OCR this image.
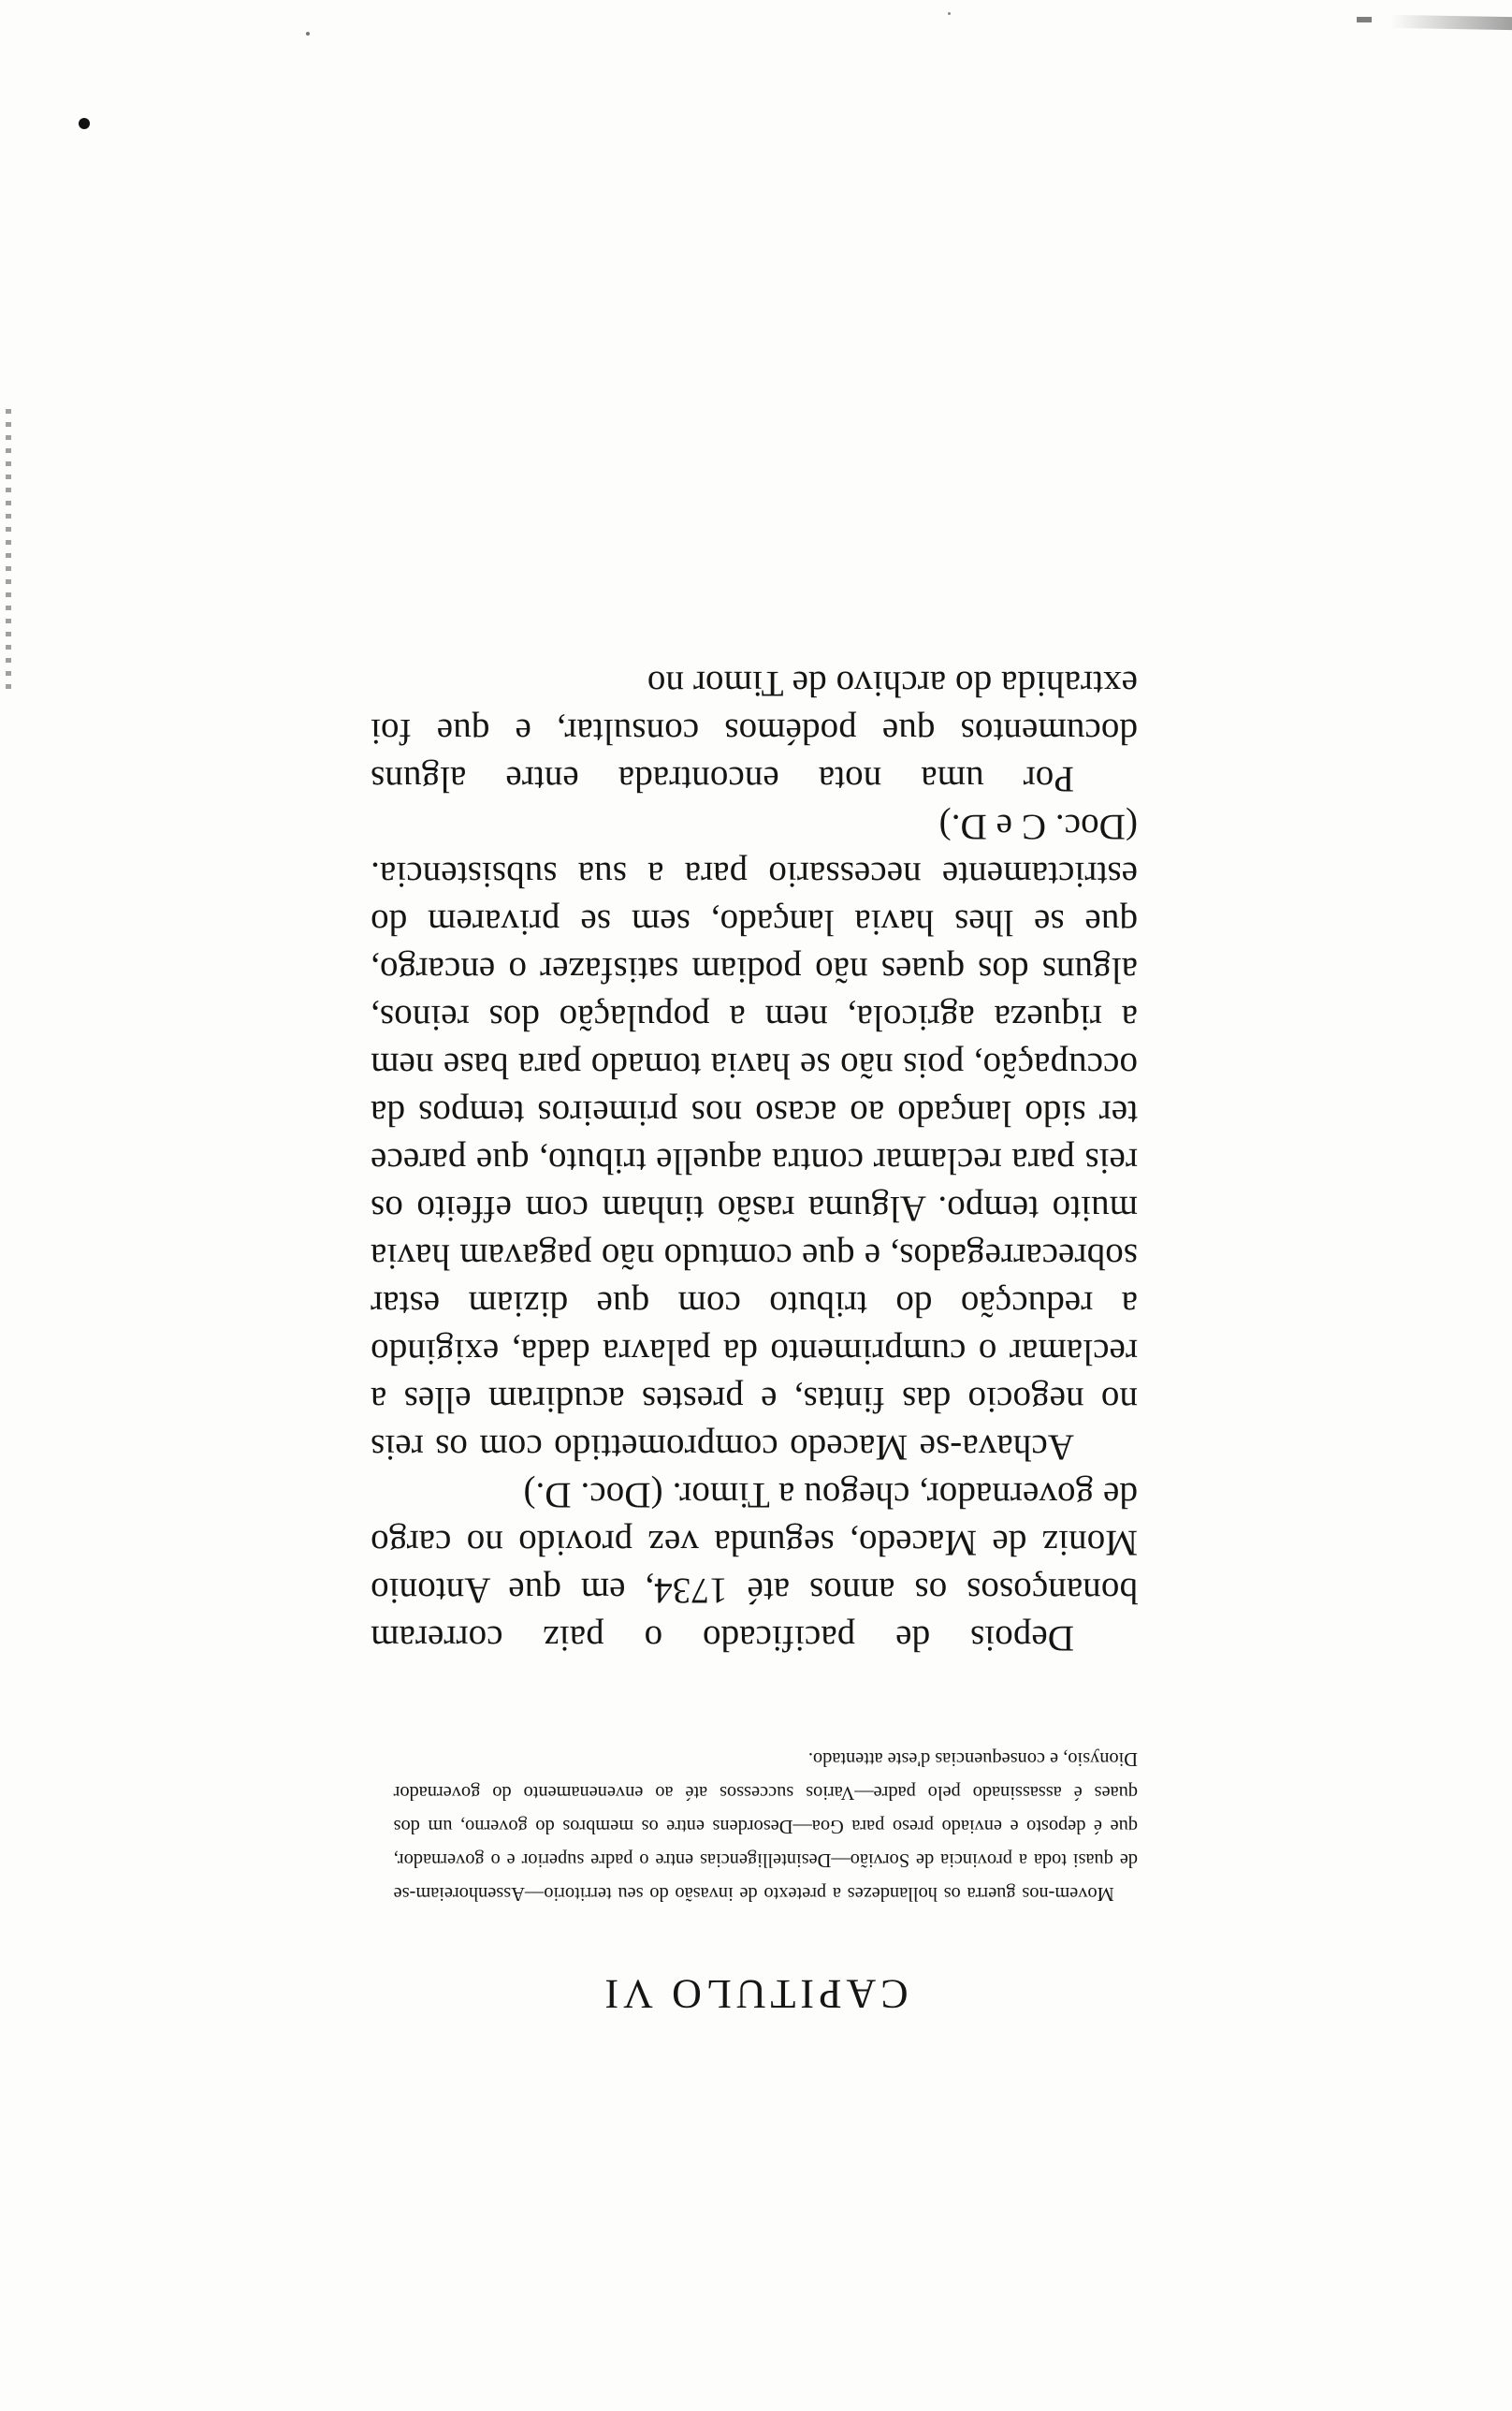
CAPITULO VI

Movem-nos guerra os hollandezes a pretexto de invasão do seu territorio—Assenhoreiam-se de quasi toda a provincia de Sorvião—Desintelligencias entre o padre superior e o governador, que é deposto e enviado preso para Goa—Desordens entre os membros do governo, um dos quaes é assassinado pelo padre—Varios successos até ao envenenamento do governador Dionysio, e consequencias d'este attentado.

Depois de pacificado o paiz correram bonançosos os annos até 1734, em que Antonio Moniz de Macedo, segunda vez provido no cargo de governador, chegou a Timor. (Doc. D.)

Achava-se Macedo compromettido com os reis no negocio das fintas, e prestes acudiram elles a reclamar o cumprimento da palavra dada, exigindo a reducção do tributo com que diziam estar sobrecarregados, e que comtudo não pagavam havia muito tempo. Alguma rasão tinham com effeito os reis para reclamar contra aquelle tributo, que parece ter sido lançado ao acaso nos primeiros tempos da occupação, pois não se havia tomado para base nem a riqueza agricola, nem a população dos reinos, alguns dos quaes não podiam satisfazer o encargo, que se lhes havia lançado, sem se privarem do estrictamente necessario para a sua subsistencia. (Doc. C e D.)

Por uma nota encontrada entre alguns documentos que podémos consultar, e que foi extrahida do archivo de Timor no
